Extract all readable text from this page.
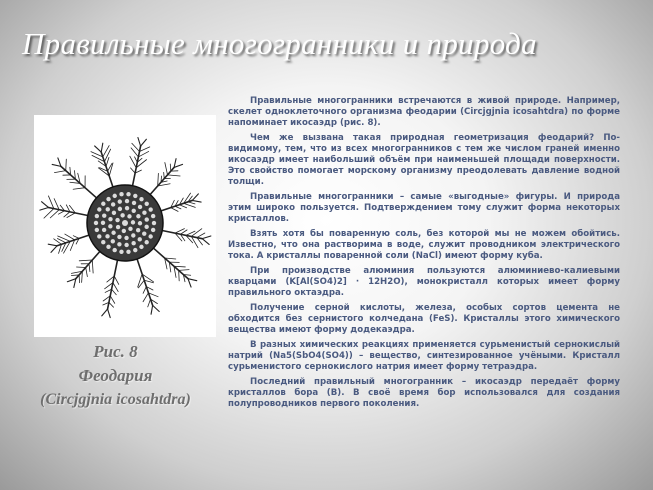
Правильные многогранники и природа
Рис. 8
Феодария
(Circjgjnia icosahtdra)

Правильные многогранники встречаются в живой природе. Например, скелет одноклеточного организма феодарии (Circjgjnia icosahtdra) по форме напоминает икосаэдр (рис. 8).

Чем же вызвана такая природная геометризация феодарий? По-видимому, тем, что из всех многогранников с тем же числом граней именно икосаэдр имеет наибольший объём при наименьшей площади поверхности. Это свойство помогает морскому организму преодолевать давление водной толщи.

Правильные многогранники – самые «выгодные» фигуры. И природа этим широко пользуется. Подтверждением тому служит форма некоторых кристаллов.

Взять хотя бы поваренную соль, без которой мы не можем обойтись. Известно, что она растворима в воде, служит проводником электрического тока. А кристаллы поваренной соли (NaCl) имеют форму куба.

При производстве алюминия пользуются алюминиево-калиевыми кварцами (K[Al(SO4)2] · 12H2O), монокристалл которых имеет форму правильного октаэдра.

Получение серной кислоты, железа, особых сортов цемента не обходится без сернистого колчедана (FeS). Кристаллы этого химического вещества имеют форму додекаэдра.

В разных химических реакциях применяется сурьменистый сернокислый натрий (Na5(SbO4(SO4)) – вещество, синтезированное учёными. Кристалл сурьменистого сернокислого натрия имеет форму тетраэдра.

Последний правильный многогранник – икосаэдр передаёт форму кристаллов бора (B). В своё время бор использовался для создания полупроводников первого поколения.
